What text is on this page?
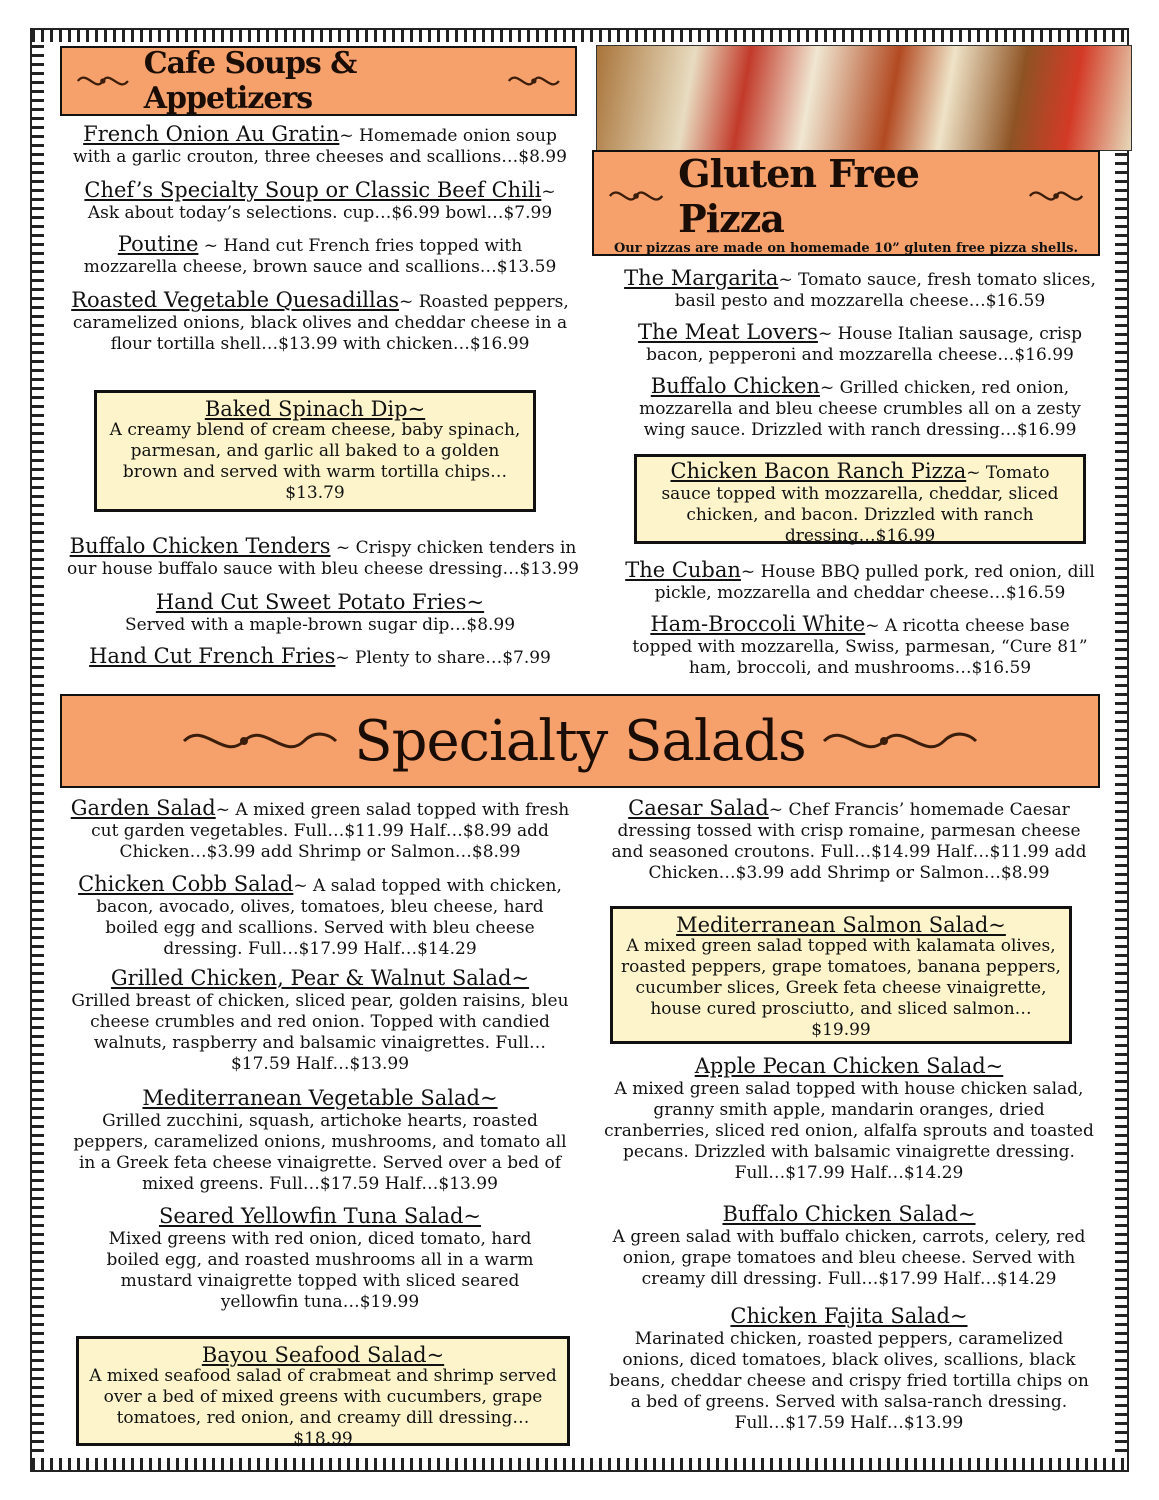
Cafe Soups & Appetizers
French Onion Au Gratin~ Homemade onion soup with a garlic crouton, three cheeses and scallions…$8.99
Chef’s Specialty Soup or Classic Beef Chili~ Ask about today’s selections. cup…$6.99 bowl…$7.99
Poutine ~ Hand cut French fries topped with mozzarella cheese, brown sauce and scallions…$13.59
Roasted Vegetable Quesadillas~ Roasted peppers, caramelized onions, black olives and cheddar cheese in a flour tortilla shell…$13.99 with chicken…$16.99
Baked Spinach Dip~
A creamy blend of cream cheese, baby spinach, parmesan, and garlic all baked to a golden brown and served with warm tortilla chips…$13.79
Buffalo Chicken Tenders ~ Crispy chicken tenders in our house buffalo sauce with bleu cheese dressing…$13.99
Hand Cut Sweet Potato Fries~
Served with a maple-brown sugar dip…$8.99
Hand Cut French Fries~ Plenty to share…$7.99
Gluten Free Pizza
Our pizzas are made on homemade 10” gluten free pizza shells.
The Margarita~ Tomato sauce, fresh tomato slices, basil pesto and mozzarella cheese…$16.59
The Meat Lovers~ House Italian sausage, crisp bacon, pepperoni and mozzarella cheese…$16.99
Buffalo Chicken~ Grilled chicken, red onion, mozzarella and bleu cheese crumbles all on a zesty wing sauce. Drizzled with ranch dressing…$16.99
Chicken Bacon Ranch Pizza~ Tomato sauce topped with mozzarella, cheddar, sliced chicken, and bacon. Drizzled with ranch dressing…$16.99
The Cuban~ House BBQ pulled pork, red onion, dill pickle, mozzarella and cheddar cheese…$16.59
Ham-Broccoli White~ A ricotta cheese base topped with mozzarella, Swiss, parmesan, “Cure 81” ham, broccoli, and mushrooms…$16.59
Specialty Salads
Garden Salad~ A mixed green salad topped with fresh cut garden vegetables. Full…$11.99 Half…$8.99 add Chicken…$3.99 add Shrimp or Salmon…$8.99
Chicken Cobb Salad~ A salad topped with chicken, bacon, avocado, olives, tomatoes, bleu cheese, hard boiled egg and scallions. Served with bleu cheese dressing. Full…$17.99 Half…$14.29
Grilled Chicken, Pear & Walnut Salad~
Grilled breast of chicken, sliced pear, golden raisins, bleu cheese crumbles and red onion. Topped with candied walnuts, raspberry and balsamic vinaigrettes. Full…$17.59 Half…$13.99
Mediterranean Vegetable Salad~
Grilled zucchini, squash, artichoke hearts, roasted peppers, caramelized onions, mushrooms, and tomato all in a Greek feta cheese vinaigrette. Served over a bed of mixed greens. Full…$17.59 Half…$13.99
Seared Yellowfin Tuna Salad~
Mixed greens with red onion, diced tomato, hard boiled egg, and roasted mushrooms all in a warm mustard vinaigrette topped with sliced seared yellowfin tuna…$19.99
Bayou Seafood Salad~
A mixed seafood salad of crabmeat and shrimp served over a bed of mixed greens with cucumbers, grape tomatoes, red onion, and creamy dill dressing…$18.99
Caesar Salad~ Chef Francis’ homemade Caesar dressing tossed with crisp romaine, parmesan cheese and seasoned croutons. Full…$14.99 Half…$11.99 add Chicken…$3.99 add Shrimp or Salmon…$8.99
Mediterranean Salmon Salad~
A mixed green salad topped with kalamata olives, roasted peppers, grape tomatoes, banana peppers, cucumber slices, Greek feta cheese vinaigrette, house cured prosciutto, and sliced salmon…$19.99
Apple Pecan Chicken Salad~
A mixed green salad topped with house chicken salad, granny smith apple, mandarin oranges, dried cranberries, sliced red onion, alfalfa sprouts and toasted pecans. Drizzled with balsamic vinaigrette dressing. Full…$17.99 Half…$14.29
Buffalo Chicken Salad~
A green salad with buffalo chicken, carrots, celery, red onion, grape tomatoes and bleu cheese. Served with creamy dill dressing. Full…$17.99 Half…$14.29
Chicken Fajita Salad~
Marinated chicken, roasted peppers, caramelized onions, diced tomatoes, black olives, scallions, black beans, cheddar cheese and crispy fried tortilla chips on a bed of greens. Served with salsa-ranch dressing. Full…$17.59 Half…$13.99
